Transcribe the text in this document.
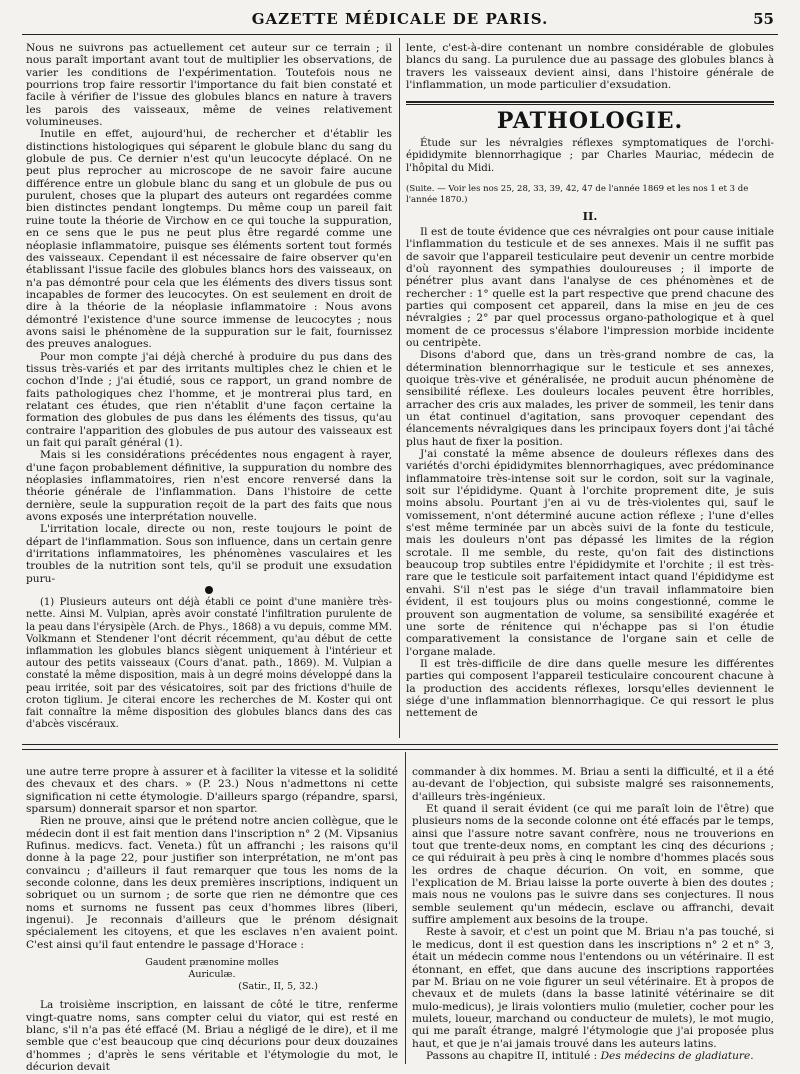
GAZETTE MÉDICALE DE PARIS.	55

Nous ne suivrons pas actuellement cet auteur sur ce terrain ; il nous paraît important avant tout de multiplier les observations, de varier les conditions de l'expérimentation. Toutefois nous ne pourrions trop faire ressortir l'importance du fait bien constaté et facile à vérifier de l'issue des globules blancs en nature à travers les parois des vaisseaux, même de veines relativement volumineuses.

Inutile en effet, aujourd'hui, de rechercher et d'établir les distinctions histologiques qui séparent le globule blanc du sang du globule de pus. Ce dernier n'est qu'un leucocyte déplacé. On ne peut plus reprocher au microscope de ne savoir faire aucune différence entre un globule blanc du sang et un globule de pus ou purulent, choses que la plupart des auteurs ont regardées comme bien distinctes pendant longtemps. Du même coup un pareil fait ruine toute la théorie de Virchow en ce qui touche la suppuration, en ce sens que le pus ne peut plus être regardé comme une néoplasie inflammatoire, puisque ses éléments sortent tout formés des vaisseaux. Cependant il est nécessaire de faire observer qu'en établissant l'issue facile des globules blancs hors des vaisseaux, on n'a pas démontré pour cela que les éléments des divers tissus sont incapables de former des leucocytes. On est seulement en droit de dire à la théorie de la néoplasie inflammatoire : Nous avons démontré l'existence d'une source immense de leucocytes ; nous avons saisi le phénomène de la suppuration sur le fait, fournissez des preuves analogues.

Pour mon compte j'ai déjà cherché à produire du pus dans des tissus très-variés et par des irritants multiples chez le chien et le cochon d'Inde ; j'ai étudié, sous ce rapport, un grand nombre de faits pathologiques chez l'homme, et je montrerai plus tard, en relatant ces études, que rien n'établit d'une façon certaine la formation des globules de pus dans les éléments des tissus, qu'au contraire l'apparition des globules de pus autour des vaisseaux est un fait qui paraît général (1).

Mais si les considérations précédentes nous engagent à rayer, d'une façon probablement définitive, la suppuration du nombre des néoplasies inflammatoires, rien n'est encore renversé dans la théorie générale de l'inflammation. Dans l'histoire de cette dernière, seule la suppuration reçoit de la part des faits que nous avons exposés une interprétation nouvelle.

L'irritation locale, directe ou non, reste toujours le point de départ de l'inflammation. Sous son influence, dans un certain genre d'irritations inflammatoires, les phénomènes vasculaires et les troubles de la nutrition sont tels, qu'il se produit une exsudation puru-

(1) Plusieurs auteurs ont déjà établi ce point d'une manière très-nette. Ainsi M. Vulpian, après avoir constaté l'infiltration purulente de la peau dans l'érysipèle (Arch. de Phys., 1868) a vu depuis, comme MM. Volkmann et Stendener l'ont décrit récemment, qu'au début de cette inflammation les globules blancs siègent uniquement à l'intérieur et autour des petits vaisseaux (Cours d'anat. path., 1869). M. Vulpian a constaté la même disposition, mais à un degré moins développé dans la peau irritée, soit par des vésicatoires, soit par des frictions d'huile de croton tiglium. Je citerai encore les recherches de M. Koster qui ont fait connaître la même disposition des globules blancs dans des cas d'abcès viscéraux.

lente, c'est-à-dire contenant un nombre considérable de globules blancs du sang. La purulence due au passage des globules blancs à travers les vaisseaux devient ainsi, dans l'histoire générale de l'inflammation, un mode particulier d'exsudation.

PATHOLOGIE.

Étude sur les névralgies réflexes symptomatiques de l'orchi-épididymite blennorrhagique ; par Charles Mauriac, médecin de l'hôpital du Midi.

(Suite. — Voir les nos 25, 28, 33, 39, 42, 47 de l'année 1869 et les nos 1 et 3 de l'année 1870.)
II.

Il est de toute évidence que ces névralgies ont pour cause initiale l'inflammation du testicule et de ses annexes. Mais il ne suffit pas de savoir que l'appareil testiculaire peut devenir un centre morbide d'où rayonnent des sympathies douloureuses ; il importe de pénétrer plus avant dans l'analyse de ces phénomènes et de rechercher : 1° quelle est la part respective que prend chacune des parties qui composent cet appareil, dans la mise en jeu de ces névralgies ; 2° par quel processus organo-pathologique et à quel moment de ce processus s'élabore l'impression morbide incidente ou centripète.

Disons d'abord que, dans un très-grand nombre de cas, la détermination blennorrhagique sur le testicule et ses annexes, quoique très-vive et généralisée, ne produit aucun phénomène de sensibilité réflexe. Les douleurs locales peuvent être horribles, arracher des cris aux malades, les priver de sommeil, les tenir dans un état continuel d'agitation, sans provoquer cependant des élancements névralgiques dans les principaux foyers dont j'ai tâché plus haut de fixer la position.

J'ai constaté la même absence de douleurs réflexes dans des variétés d'orchi épididymites blennorrhagiques, avec prédominance inflammatoire très-intense soit sur le cordon, soit sur la vaginale, soit sur l'épididyme. Quant à l'orchite proprement dite, je suis moins absolu. Pourtant j'en ai vu de très-violentes qui, sauf le vomissement, n'ont déterminé aucune action réflexe ; l'une d'elles s'est même terminée par un abcès suivi de la fonte du testicule, mais les douleurs n'ont pas dépassé les limites de la région scrotale. Il me semble, du reste, qu'on fait des distinctions beaucoup trop subtiles entre l'épididymite et l'orchite ; il est très-rare que le testicule soit parfaitement intact quand l'épididyme est envahi. S'il n'est pas le siége d'un travail inflammatoire bien évident, il est toujours plus ou moins congestionné, comme le prouvent son augmentation de volume, sa sensibilité exagérée et une sorte de rénitence qui n'échappe pas si l'on étudie comparativement la consistance de l'organe sain et celle de l'organe malade.

Il est très-difficile de dire dans quelle mesure les différentes parties qui composent l'appareil testiculaire concourent chacune à la production des accidents réflexes, lorsqu'elles deviennent le siége d'une inflammation blennorrhagique. Ce qui ressort le plus nettement de

une autre terre propre à assurer et à faciliter la vitesse et la solidité des chevaux et des chars. » (P. 23.) Nous n'admettons ni cette signification ni cette étymologie. D'ailleurs spargo (répandre, sparsi, sparsum) donnerait sparsor et non spartor.

Rien ne prouve, ainsi que le prétend notre ancien collègue, que le médecin dont il est fait mention dans l'inscription n° 2 (M. Vipsanius Rufinus. medicvs. fact. Veneta.) fût un affranchi ; les raisons qu'il donne à la page 22, pour justifier son interprétation, ne m'ont pas convaincu ; d'ailleurs il faut remarquer que tous les noms de la seconde colonne, dans les deux premières inscriptions, indiquent un sobriquet ou un surnom ; de sorte que rien ne démontre que ces noms et surnoms ne fussent pas ceux d'hommes libres (liberi, ingenui). Je reconnais d'ailleurs que le prénom désignait spécialement les citoyens, et que les esclaves n'en avaient point. C'est ainsi qu'il faut entendre le passage d'Horace :

Gaudent prænomine molles
Auriculæ.
(Satir., II, 5, 32.)

La troisième inscription, en laissant de côté le titre, renferme vingt-quatre noms, sans compter celui du viator, qui est resté en blanc, s'il n'a pas été effacé (M. Briau a négligé de le dire), et il me semble que c'est beaucoup que cinq décurions pour deux douzaines d'hommes ; d'après le sens véritable et l'étymologie du mot, le décurion devait

commander à dix hommes. M. Briau a senti la difficulté, et il a été au-devant de l'objection, qui subsiste malgré ses raisonnements, d'ailleurs très-ingénieux.

Et quand il serait évident (ce qui me paraît loin de l'être) que plusieurs noms de la seconde colonne ont été effacés par le temps, ainsi que l'assure notre savant confrère, nous ne trouverions en tout que trente-deux noms, en comptant les cinq des décurions ; ce qui réduirait à peu près à cinq le nombre d'hommes placés sous les ordres de chaque décurion. On voit, en somme, que l'explication de M. Briau laisse la porte ouverte à bien des doutes ; mais nous ne voulons pas le suivre dans ses conjectures. Il nous semble seulement qu'un médecin, esclave ou affranchi, devait suffire amplement aux besoins de la troupe.

Reste à savoir, et c'est un point que M. Briau n'a pas touché, si le medicus, dont il est question dans les inscriptions n° 2 et n° 3, était un médecin comme nous l'entendons ou un vétérinaire. Il est étonnant, en effet, que dans aucune des inscriptions rapportées par M. Briau on ne voie figurer un seul vétérinaire. Et à propos de chevaux et de mulets (dans la basse latinité vétérinaire se dit mulo-medicus), je lirais volontiers mulio (muletier, cocher pour les mulets, loueur, marchand ou conducteur de mulets), le mot mugio, qui me paraît étrange, malgré l'étymologie que j'ai proposée plus haut, et que je n'ai jamais trouvé dans les auteurs latins.

Passons au chapitre II, intitulé : Des médecins de gladiature.
